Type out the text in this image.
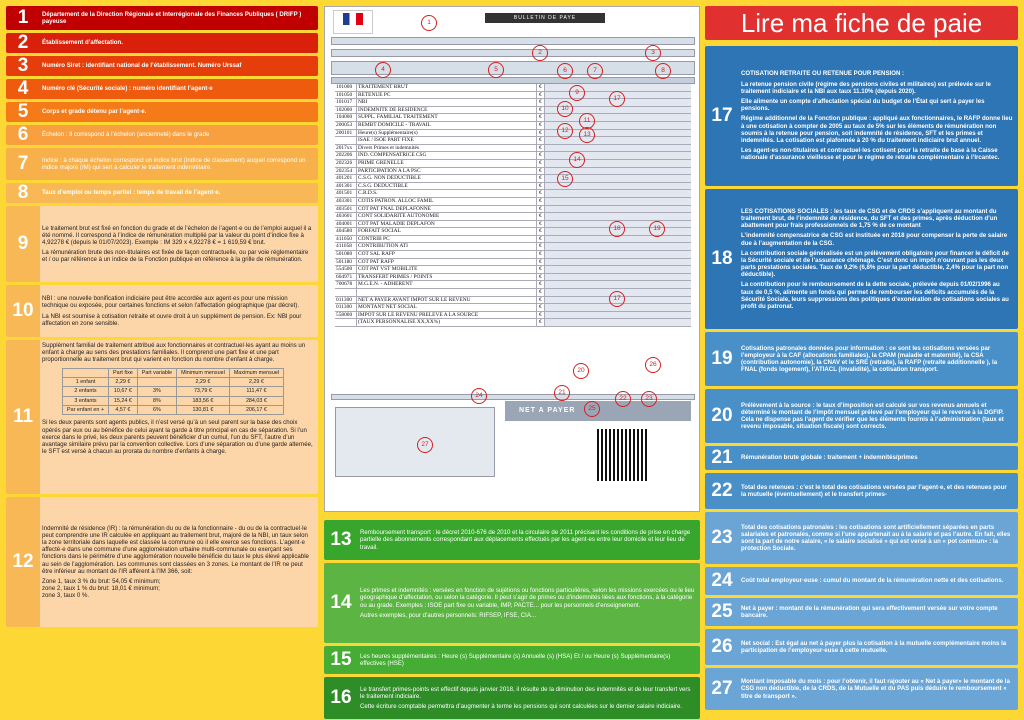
1	Département de la Direction Régionale et Interrégionale des Finances Publiques ( DRIFP ) payeuse
2	Établissement d’affectation.
3	Numéro Siret : identifiant national de l’établissement. Numéro Urssaf
4	Numéro clé (Sécurité sociale) : numéro identifiant l’agent·e
5	Corps et grade détenu par l’agent·e.
6	Échelon : Il correspond à l’échelon (ancienneté) dans le grade
7	Indice : à chaque échelon correspond un indice brut (Indice de classement) auquel correspond un indice majoré (IM) qui sert à calculer le traitement indemnitaire.
8	Taux d’emploi ou temps partiel : temps de travail de l’agent·e.
9

Le traitement brut est fixé en fonction du grade et de l’échelon de l’agent·e ou de l’emploi auquel il a été nommé. Il correspond à l’indice de rémunération multiplié par la valeur du point d’indice fixe à 4,92278 € (depuis le 01/07/2023). Exemple : IM 329 x 4,92278 € = 1 619,59 € brut.

La rémunération brute des non-titulaires est fixée de façon contractuelle, ou par voie réglementaire et / ou par référence à un indice de la Fonction publique en référence à la grille de rémunération.

10

NBI : une nouvelle bonification indiciaire peut être accordée aux agent·es pour une mission technique ou exposée, pour certaines fonctions et selon l’affectation géographique (par décret).

La NBI est soumise à cotisation retraite et ouvre droit à un supplément de pension. Ex: NBI pour affectation en zone sensible.

11

Supplément familial de traitement attribué aux fonctionnaires et contractuel·les ayant au moins un enfant à charge au sens des prestations familiales. Il comprend une part fixe et une part proportionnelle au traitement brut qui varient en fonction du nombre d’enfant à charge.

	Part fixe	Part variable	Minimum mensuel	Maximum mensuel
1 enfant	2,29 €		2,29 €	2,29 €
2 enfants	10,67 €	3%	73,79 €	111,47 €
3 enfants	15,24 €	8%	183,56 €	284,03 €
Par enfant en +	4,57 €	6%	130,81 €	206,17 €

Si les deux parents sont agents publics, il n’est versé qu’à un seul parent sur la base des choix opérés par eux ou au bénéfice de celui ayant la garde à titre principal en cas de séparation. Si l’un exerce dans le privé, les deux parents peuvent bénéficier d’un cumul, l’un du SFT, l’autre d’un avantage similaire prévu par la convention collective. Lors d’une séparation ou d’une garde alternée, le SFT est versé à chacun au prorata du nombre d’enfants à charge.

12

Indemnité de résidence (IR) : la rémunération du ou de la fonctionnaire - du ou de la contractuel·le peut comprendre une IR calculée en appliquant au traitement brut, majoré de la NBI, un taux selon la zone territoriale dans laquelle est classée la commune où il elle exerce ses fonctions. L’agent·e affecté·e dans une commune d’une agglomération urbaine multi-communale ou exerçant ses fonctions dans le périmètre d’une agglomération nouvelle bénéficie du taux le plus élevé applicable au sein de l’agglomération. Les communes sont classées en 3 zones. Le montant de l’IR ne peut être inférieur au montant de l’IR afférent à l’IM 366, soit:

Zone 1, taux 3 % du brut: 54,05 € minimum;

zone 2, taux 1 % du brut: 18,01 € minimum;

zone 3, taux 0 %.

BULLETIN DE PAYE
101000	TRAITEMENT BRUT	€
101050	RETENUE PC	€
101017	NBI	€
102000	INDEMNITE DE RESIDENCE	€
104000	SUPPL. FAMILIAL TRAITEMENT	€
200053	REMBT DOMICILE - TRAVAIL	€
200101	Heure(s) Supplémentaire(s)	€
ISAE / ISOE PART FIXE	€
2017xx	Divers Primes et indemnités	€
202206	IND. COMPENSATRICE CSG	€
202326	PRIME GRENELLE	€
202354	PARTICIPATION A LA PSC	€
401201	C.S.G. NON DEDUCTIBLE	€
401301	C.S.G. DEDUCTIBLE	€
401501	C.R.D.S.	€
403301	COTIS PATRON. ALLOC FAMIL	€
403501	COT PAT FNAL DEPLAFONNE	€
403601	CONT SOLIDARITE AUTONOMIE	€
404001	COT PAT MALADIE DEPLAFON	€
404580	FORFAIT SOCIAL	€
411050	CONTRIB PC	€
411058	CONTRIBUTION ATI	€
501080	COT SAL RAFP	€
501180	COT PAT RAFP	€
554500	COT PAT VST MOBILITE	€
604971	TRANSFERT PRIMES / POINTS	€
700678	M.G.E.N. - ADHERENT	€
€
011300	NET A PAYER AVANT IMPOT SUR LE REVENU	€
011300	MONTANT NET SOCIAL	€
558000	IMPOT SUR LE REVENU PRELEVE A LA SOURCE	€
(TAUX PERSONNALISE XX,XX%)	€
NET A PAYER
1
2	3
4	5	6	7	8
9
10
11
12
13
14
15
18
17
17
19
20
21
22	23
24
25
26
27
13	Remboursement transport : le décret 2010-676 de 2010 et la circulaire de 2011 précisant les conditions de prise en charge partielle des abonnements correspondant aux déplacements effectués par les agent·es entre leur domicile et leur lieu de travail.
14

Les primes et indemnités : versées en fonction de sujétions ou fonctions particulières, selon les missions exercées ou le lieu géographique d’affectation, ou selon la catégorie. Il peut s’agir de primes ou d’indemnités liées aux fonctions, à la catégorie ou au grade. Exemples : ISOE part fixe ou variable, IMP, PACTE... pour les personnels d’enseignement.

Autres exemples, pour d’autres personnels: RIFSEP, IFSE, CIA...

15	Les heures supplémentaires : Heure (s) Supplémentaire (s) Annuelle (s) (HSA) Et / ou Heure (s) Supplémentaire(s) effectives (HSE)
16	Le transfert primes-points est effectif depuis janvier 2018, il résulte de la diminution des indemnités et de leur transfert vers le traitement indiciaire.

Cette écriture comptable permettra d’augmenter à terme les pensions qui sont calculées sur le dernier salaire indiciaire.

Lire ma fiche de paie
17

COTISATION RETRAITE OU RETENUE POUR PENSION :

La retenue pension civile (régime des pensions civiles et militaires) est prélevée sur le traitement indiciaire et la NBI aux taux 11.10% (depuis 2020).

Elle alimente un compte d’affectation spécial du budget de l’État qui sert à payer les pensions.

Régime additionnel de la Fonction publique : appliqué aux fonctionnaires, le RAFP donne lieu à une cotisation à compter de 2005 au taux de 5% sur les éléments de rémunération non soumis à la retenue pour pension, soit indemnité de résidence, SFT et les primes et indemnités. La cotisation est plafonnée à 20 % du traitement indiciaire brut annuel.

Les agent·es non-titulaires et contractuel·les cotisent pour la retraite de base à la Caisse nationale d’assurance vieillesse et pour le régime de retraite complémentaire à l’Ircantec.

18

LES COTISATIONS SOCIALES : les taux de CSG et de CRDS s’appliquent au montant du traitement brut, de l’indemnité de résidence, du SFT et des primes, après déduction d’un abattement pour frais professionnels de 1,75 % de ce montant

L’indemnité compensatrice de CSG est instituée en 2018 pour compenser la perte de salaire due à l’augmentation de la CSG.

La contribution sociale généralisée est un prélèvement obligatoire pour financer le déficit de la Sécurité sociale et de l’assurance chômage. C’est donc un impôt n’ouvrant pas les deux parts prestations sociales. Taux de 9,2% (6,8% pour la part déductible, 2,4% pour la part non déductible).

La contribution pour le remboursement de la dette sociale, prélevée depuis 01/02/1996 au taux de 0,5 %, alimente un fonds qui permet de rembourser les déficits accumulés de la Sécurité Sociale, leurs suppressions des politiques d’exonération de cotisations sociales au profit du patronat.

19	Cotisations patronales données pour information : ce sont les cotisations versées par l’employeur à la CAF (allocations familiales), la CPAM (maladie et maternité), la CSA (contribution autonomie), la CNAV et le SRE (retraite), la RAFP (retraite additionnelle ), la FNAL (fonds logement), l’ATIACL (invalidité), la cotisation transport.
20	Prélèvement à la source : le taux d’imposition est calculé sur vos revenus annuels et déterminé le montant de l’impôt mensuel prélevé par l’employeur qui le reverse à la DGFIP. Cela ne dispense pas l’agent de vérifier que les éléments fournis à l’administration (taux et revenu imposable, situation fiscale) sont corrects.
21	Rémunération brute globale : traitement + indemnités/primes
22	Total des retenues : c’est le total des cotisations versées par l’agent·e, et des retenues pour la mutuelle (éventuellement) et le transfert primes-
23	Total des cotisations patronales : les cotisations sont artificiellement séparées en parts salariales et patronales, comme si l’une appartenait au à la salarié et pas l’autre. En fait, elles sont la part de notre salaire, « le salaire socialisé » qui est versé à un « pot commun» : la protection Sociale.
24	Coût total employeur·euse : cumul du montant de la rémunération nette et des cotisations.
25	Net à payer : montant de la rémunération qui sera effectivement versée sur votre compte bancaire.
26	Net social : Est égal au net à payer plus la cotisation à la mutuelle complémentaire moins la participation de l’employeur·euse à cette mutuelle.
27	Montant imposable du mois : pour l’obtenir, il faut rajouter au « Net à payer» le montant de la CSG non déductible, de la CRDS, de la Mutuelle et du PAS puis déduire le remboursement « titre de transport ».
